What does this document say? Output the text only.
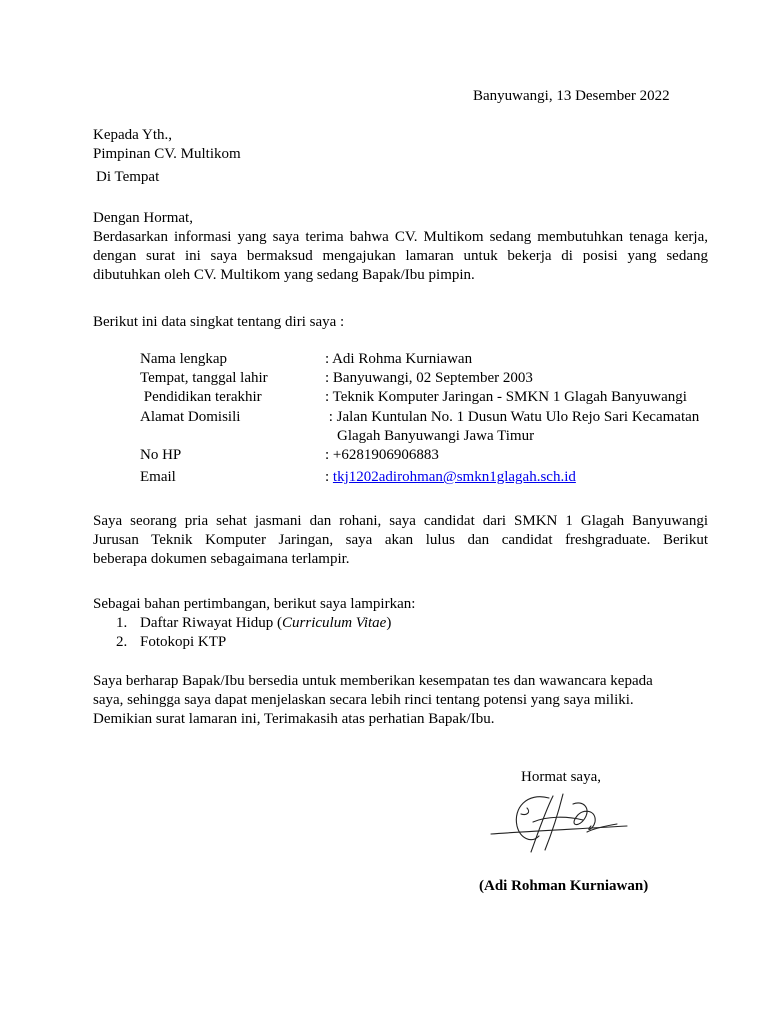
Banyuwangi, 13 Desember 2022
Kepada Yth.,
Pimpinan CV. Multikom
Di Tempat
Dengan Hormat,
Berdasarkan informasi yang saya terima bahwa CV. Multikom sedang membutuhkan tenaga kerja,
dengan surat ini saya bermaksud mengajukan lamaran untuk bekerja di posisi yang sedang
dibutuhkan oleh CV. Multikom yang sedang Bapak/Ibu pimpin.
Berikut ini data singkat tentang diri saya :
Nama lengkap	: Adi Rohma Kurniawan
Tempat, tanggal lahir	: Banyuwangi, 02 September 2003
Pendidikan terakhir	: Teknik Komputer Jaringan - SMKN 1 Glagah Banyuwangi
Alamat Domisili	: Jalan Kuntulan No. 1 Dusun Watu Ulo Rejo Sari Kecamatan
Glagah Banyuwangi Jawa Timur
No HP	: +6281906906883
Email	: tkj1202adirohman@smkn1glagah.sch.id
Saya seorang pria sehat jasmani dan rohani, saya candidat dari SMKN 1 Glagah Banyuwangi
Jurusan Teknik Komputer Jaringan, saya akan lulus dan candidat freshgraduate. Berikut
beberapa dokumen sebagaimana terlampir.
Sebagai bahan pertimbangan, berikut saya lampirkan:
1. Daftar Riwayat Hidup (Curriculum Vitae)
2. Fotokopi KTP
Saya berharap Bapak/Ibu bersedia untuk memberikan kesempatan tes dan wawancara kepada
saya, sehingga saya dapat menjelaskan secara lebih rinci tentang potensi yang saya miliki.
Demikian surat lamaran ini, Terimakasih atas perhatian Bapak/Ibu.
Hormat saya,
(Adi Rohman Kurniawan)
